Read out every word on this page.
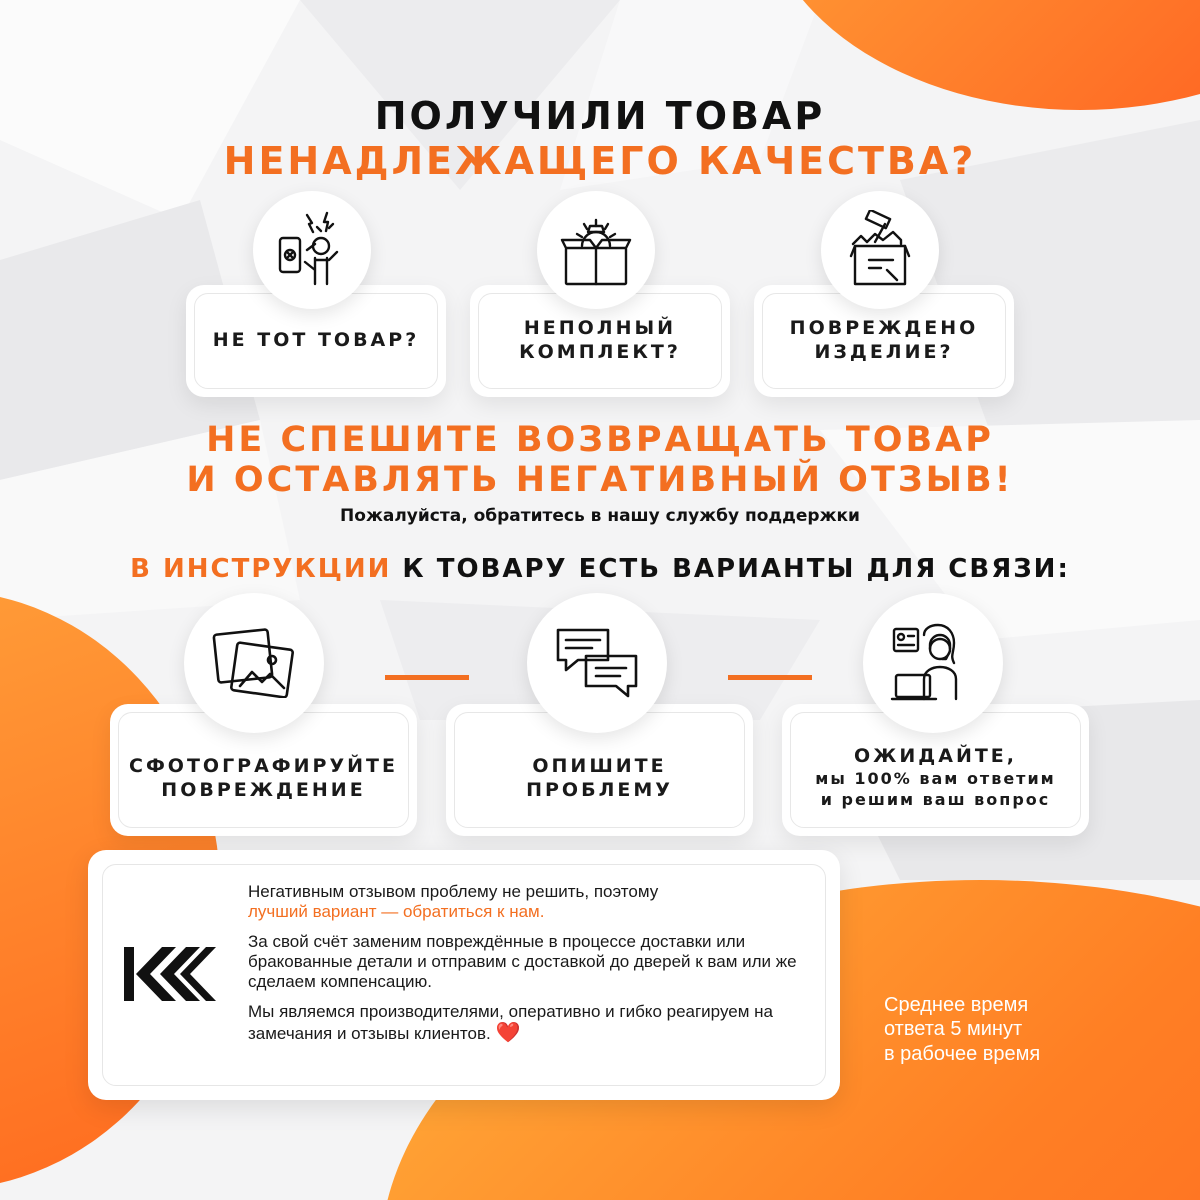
ПОЛУЧИЛИ ТОВАР
НЕНАДЛЕЖАЩЕГО КАЧЕСТВА?
НЕ ТОТ ТОВАР?
НЕПОЛНЫЙ
КОМПЛЕКТ?
ПОВРЕЖДЕНО
ИЗДЕЛИЕ?
НЕ СПЕШИТЕ ВОЗВРАЩАТЬ ТОВАР
И ОСТАВЛЯТЬ НЕГАТИВНЫЙ ОТЗЫВ!
Пожалуйста, обратитесь в нашу службу поддержки
В ИНСТРУКЦИИ К ТОВАРУ ЕСТЬ ВАРИАНТЫ ДЛЯ СВЯЗИ:
СФОТОГРАФИРУЙТЕ
ПОВРЕЖДЕНИЕ
ОПИШИТЕ
ПРОБЛЕМУ
ОЖИДАЙТЕ,
мы 100% вам ответим
и решим ваш вопрос

Негативным отзывом проблему не решить, поэтому
лучший вариант — обратиться к нам.

За свой счёт заменим повреждённые в процессе доставки или бракованные детали и отправим с доставкой до дверей к вам или же сделаем компенсацию.

Мы являемся производителями, оперативно и гибко реагируем на замечания и отзывы клиентов. ❤️

Среднее время
ответа 5 минут
в рабочее время
